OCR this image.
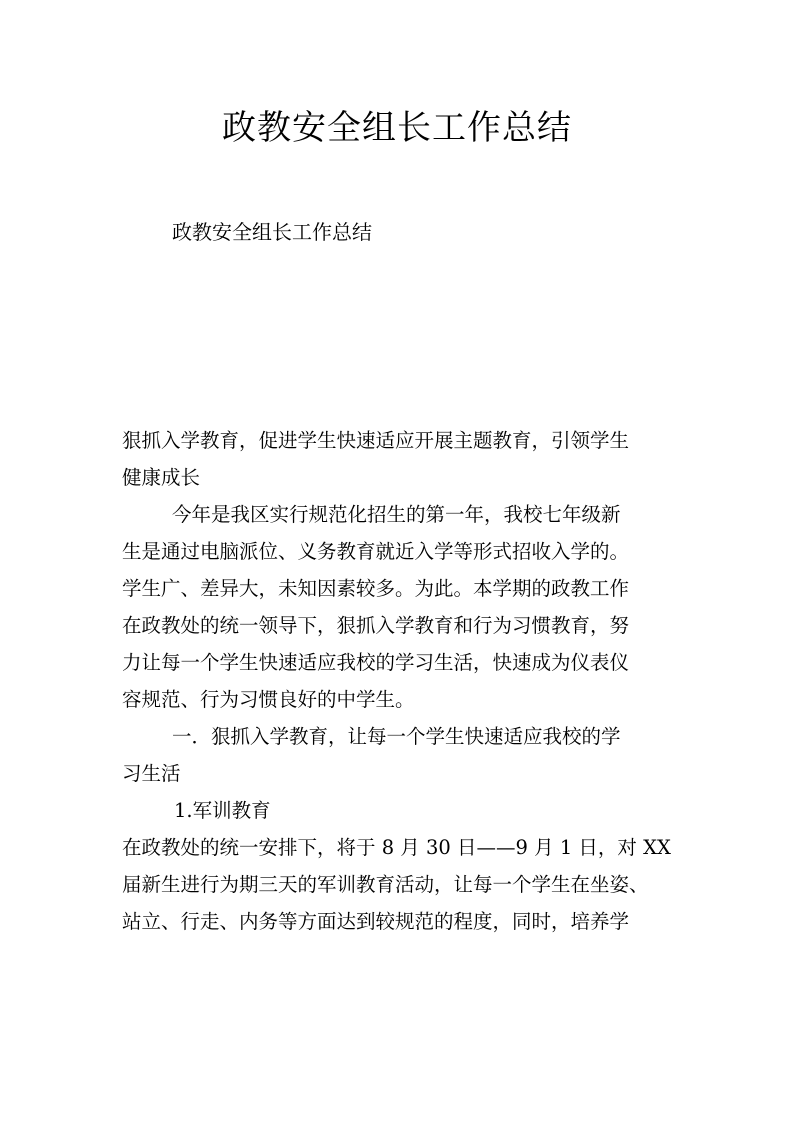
政教安全组长工作总结

政教安全组长工作总结

狠抓入学教育，促进学生快速适应开展主题教育，引领学生
健康成长
今年是我区实行规范化招生的第一年，我校七年级新
生是通过电脑派位、义务教育就近入学等形式招收入学的。
学生广、差异大，未知因素较多。为此。本学期的政教工作
在政教处的统一领导下，狠抓入学教育和行为习惯教育，努
力让每一个学生快速适应我校的学习生活，快速成为仪表仪
容规范、行为习惯良好的中学生。
一．狠抓入学教育，让每一个学生快速适应我校的学
习生活
1.军训教育
在政教处的统一安排下，将于 8 月 30 日——9 月 1 日，对 XX
届新生进行为期三天的军训教育活动，让每一个学生在坐姿、
站立、行走、内务等方面达到较规范的程度，同时，培养学
